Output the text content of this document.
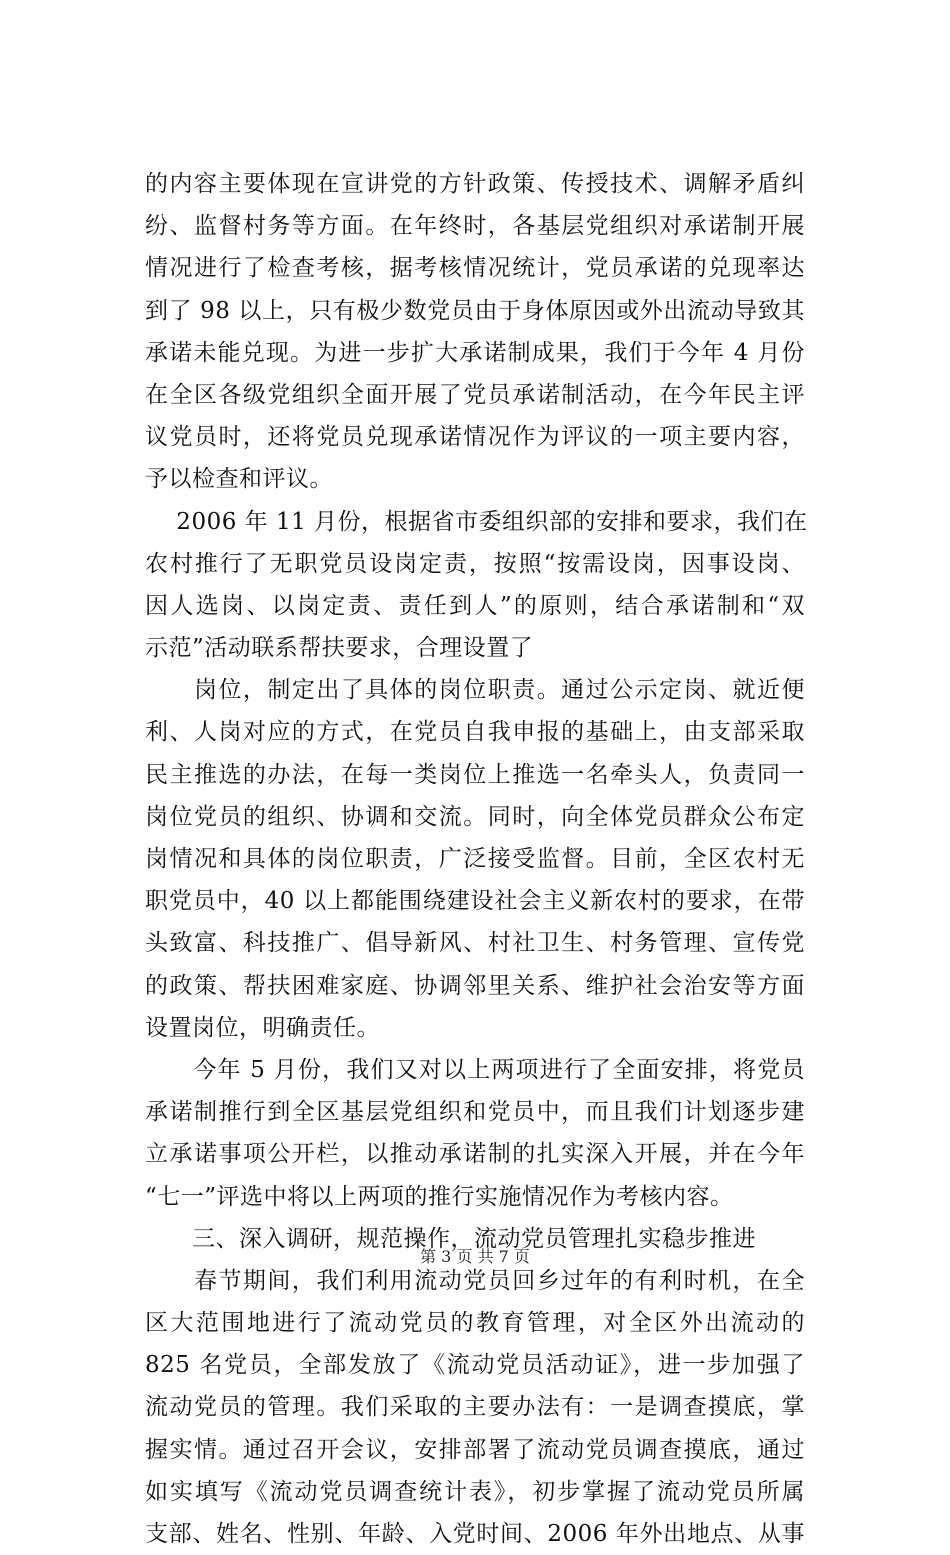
的内容主要体现在宣讲党的方针政策、传授技术、调解矛盾纠
纷、监督村务等方面。在年终时，各基层党组织对承诺制开展
情况进行了检查考核，据考核情况统计，党员承诺的兑现率达
到了 98 以上，只有极少数党员由于身体原因或外出流动导致其
承诺未能兑现。为进一步扩大承诺制成果，我们于今年 4 月份
在全区各级党组织全面开展了党员承诺制活动，在今年民主评
议党员时，还将党员兑现承诺情况作为评议的一项主要内容，
予以检查和评议。
　 2006 年 11 月份，根据省市委组织部的安排和要求，我们在
农村推行了无职党员设岗定责，按照“按需设岗，因事设岗、
因人选岗、以岗定责、责任到人”的原则，结合承诺制和“双
示范”活动联系帮扶要求，合理设置了
　　岗位，制定出了具体的岗位职责。通过公示定岗、就近便
利、人岗对应的方式，在党员自我申报的基础上，由支部采取
民主推选的办法，在每一类岗位上推选一名牵头人，负责同一
岗位党员的组织、协调和交流。同时，向全体党员群众公布定
岗情况和具体的岗位职责，广泛接受监督。目前，全区农村无
职党员中，40 以上都能围绕建设社会主义新农村的要求，在带
头致富、科技推广、倡导新风、村社卫生、村务管理、宣传党
的政策、帮扶困难家庭、协调邻里关系、维护社会治安等方面
设置岗位，明确责任。
　　今年 5 月份，我们又对以上两项进行了全面安排，将党员
承诺制推行到全区基层党组织和党员中，而且我们计划逐步建
立承诺事项公开栏，以推动承诺制的扎实深入开展，并在今年
“七一”评选中将以上两项的推行实施情况作为考核内容。
　　三、深入调研，规范操作，流动党员管理扎实稳步推进
　　春节期间，我们利用流动党员回乡过年的有利时机，在全
区大范围地进行了流动党员的教育管理，对全区外出流动的
825 名党员，全部发放了《流动党员活动证》，进一步加强了
流动党员的管理。我们采取的主要办法有：一是调查摸底，掌
握实情。通过召开会议，安排部署了流动党员调查摸底，通过
如实填写《流动党员调查统计表》，初步掌握了流动党员所属
支部、姓名、性别、年龄、入党时间、2006 年外出地点、从事
第 3 页 共 7 页
